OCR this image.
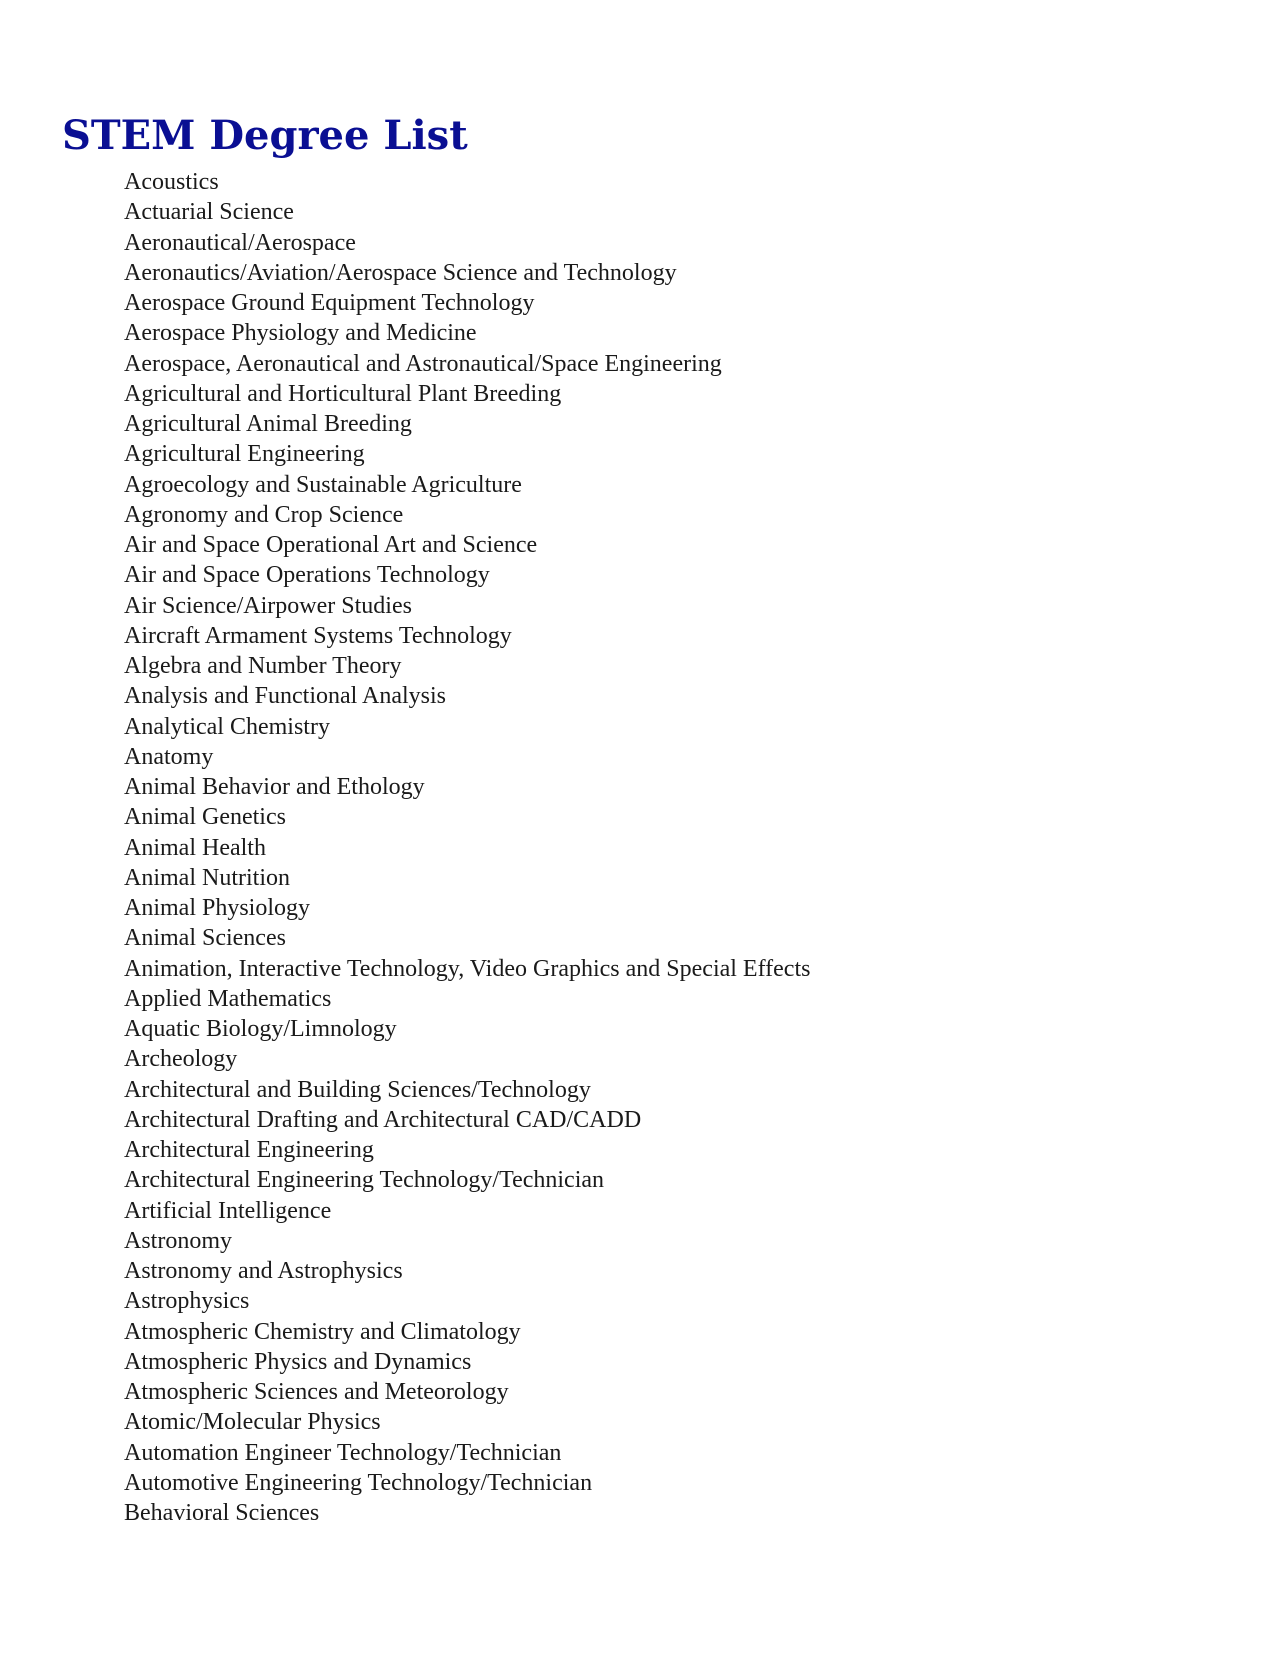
STEM Degree List
Acoustics
Actuarial Science
Aeronautical/Aerospace
Aeronautics/Aviation/Aerospace Science and Technology
Aerospace Ground Equipment Technology
Aerospace Physiology and Medicine
Aerospace, Aeronautical and Astronautical/Space Engineering
Agricultural and Horticultural Plant Breeding
Agricultural Animal Breeding
Agricultural Engineering
Agroecology and Sustainable Agriculture
Agronomy and Crop Science
Air and Space Operational Art and Science
Air and Space Operations Technology
Air Science/Airpower Studies
Aircraft Armament Systems Technology
Algebra and Number Theory
Analysis and Functional Analysis
Analytical Chemistry
Anatomy
Animal Behavior and Ethology
Animal Genetics
Animal Health
Animal Nutrition
Animal Physiology
Animal Sciences
Animation, Interactive Technology, Video Graphics and Special Effects
Applied Mathematics
Aquatic Biology/Limnology
Archeology
Architectural and Building Sciences/Technology
Architectural Drafting and Architectural CAD/CADD
Architectural Engineering
Architectural Engineering Technology/Technician
Artificial Intelligence
Astronomy
Astronomy and Astrophysics
Astrophysics
Atmospheric Chemistry and Climatology
Atmospheric Physics and Dynamics
Atmospheric Sciences and Meteorology
Atomic/Molecular Physics
Automation Engineer Technology/Technician
Automotive Engineering Technology/Technician
Behavioral Sciences
